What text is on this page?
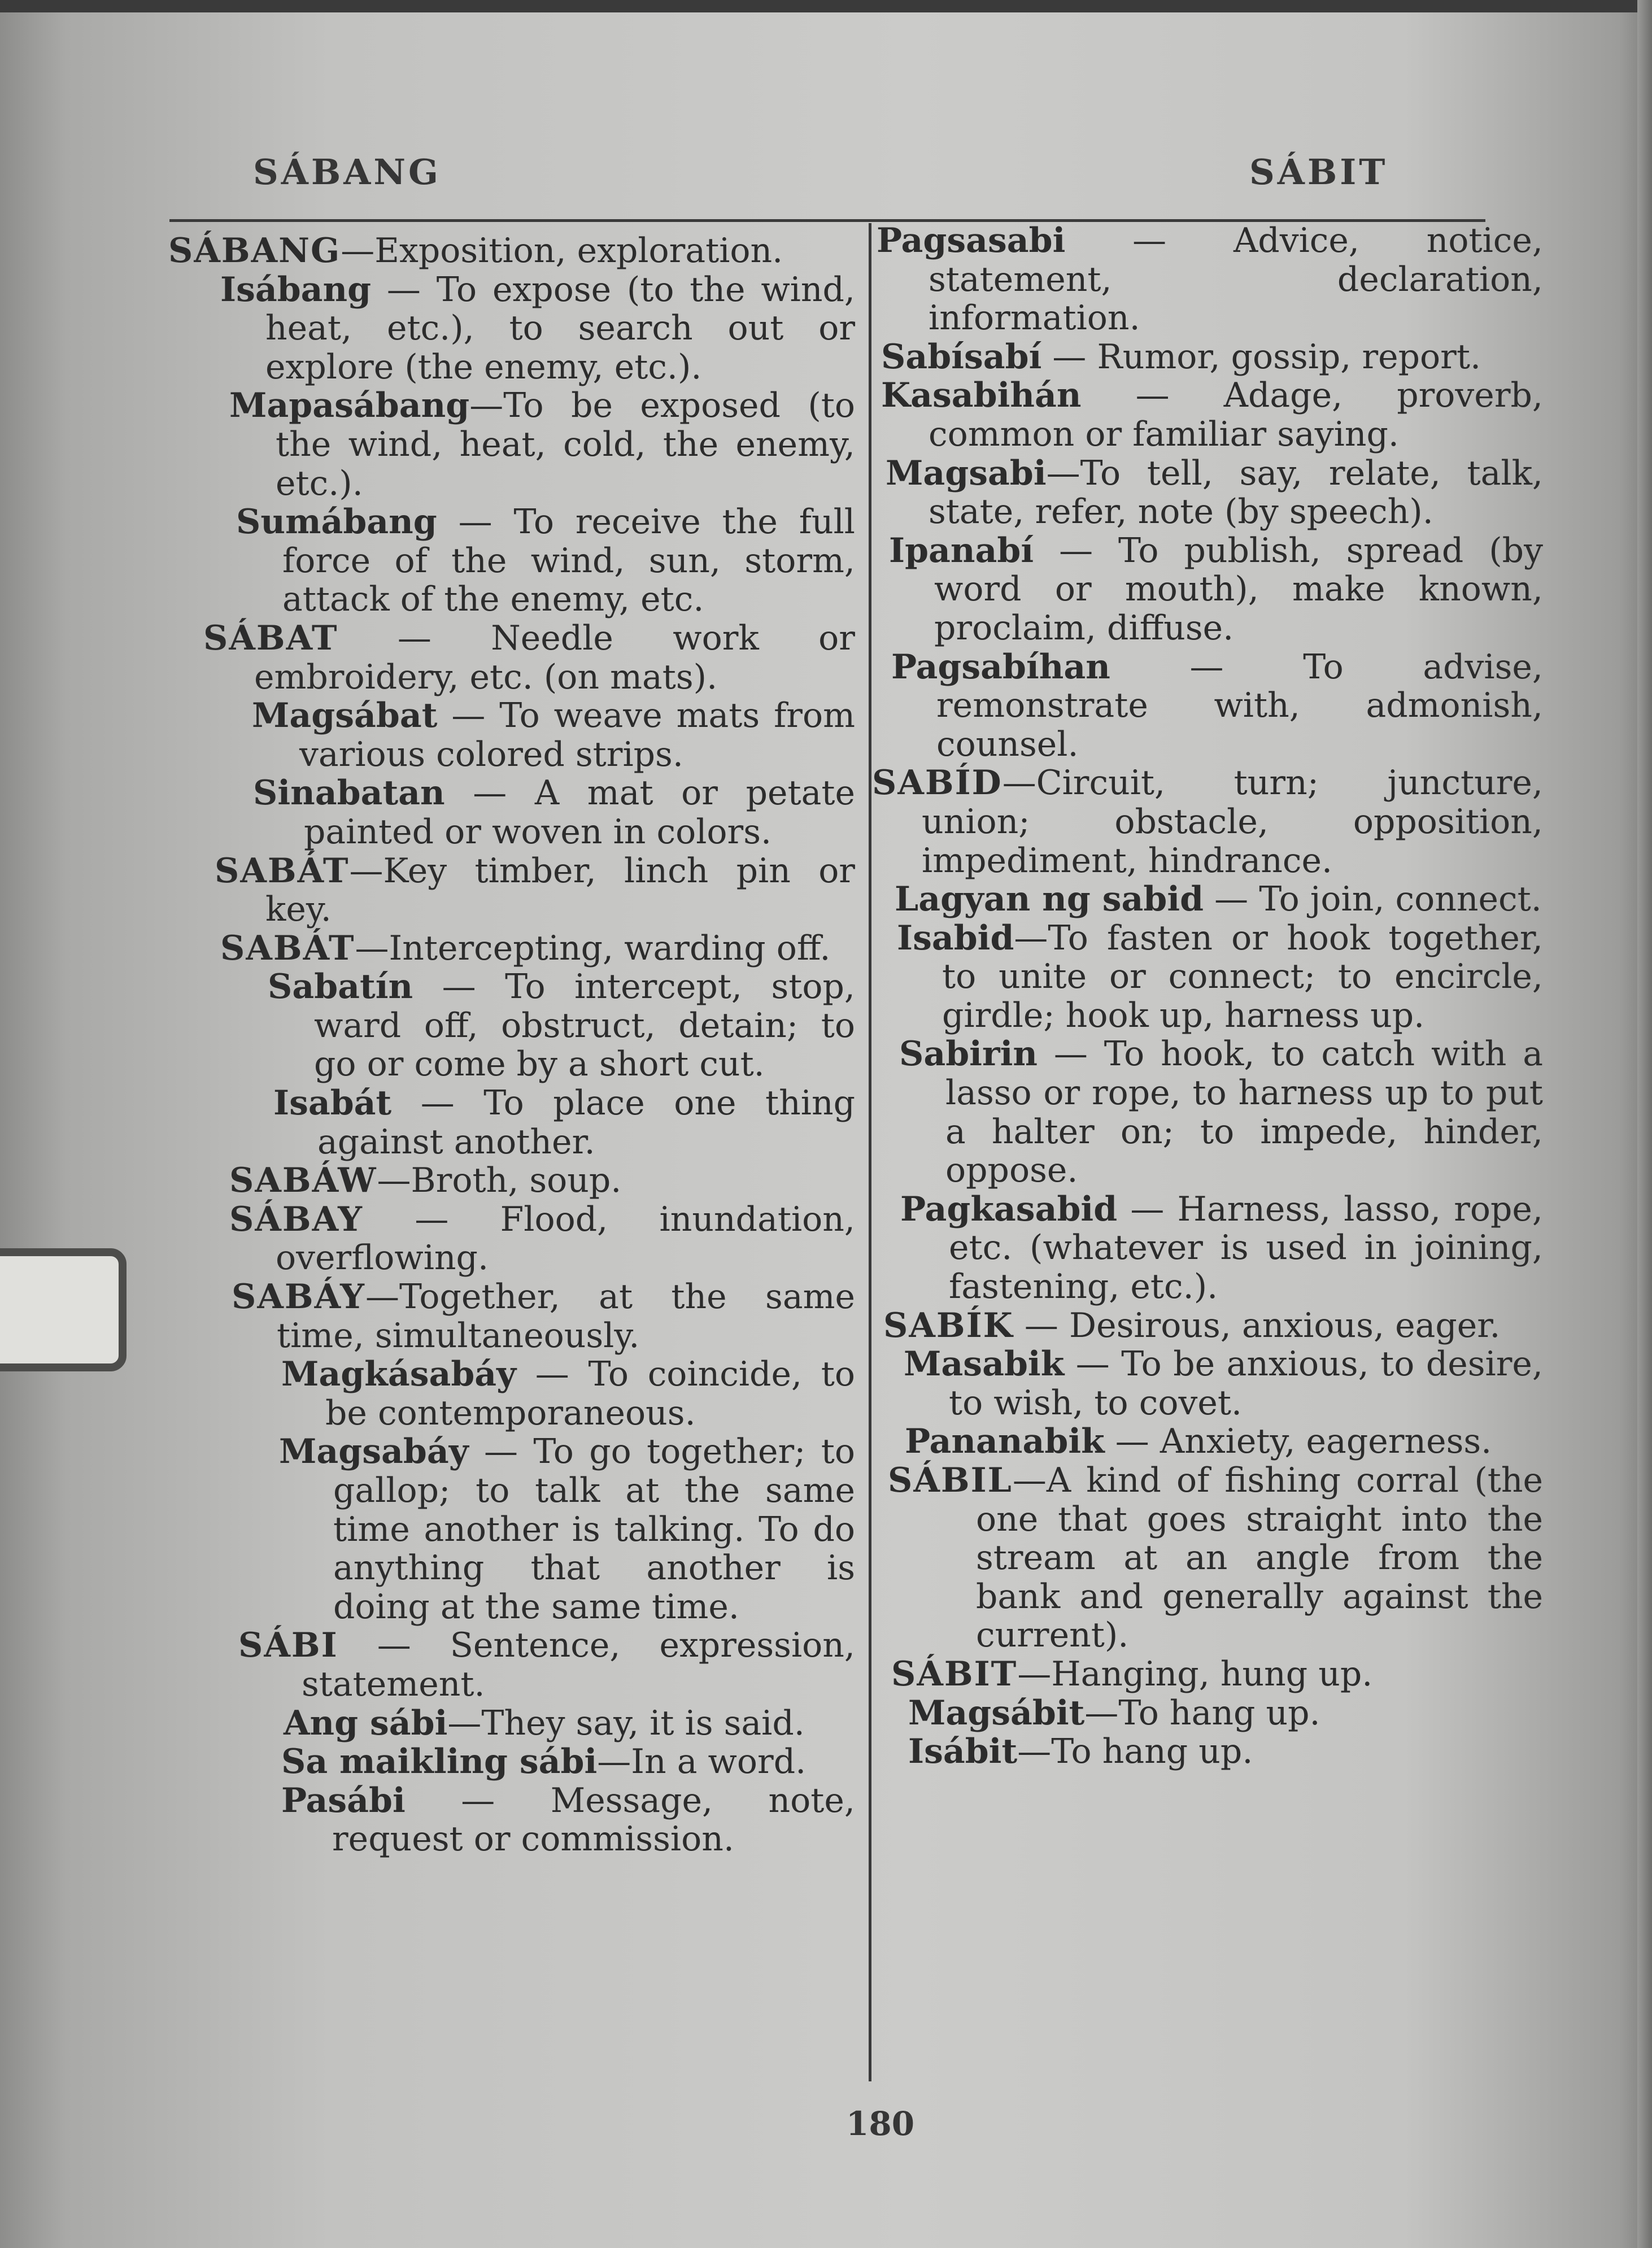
SÁBANG	SÁBIT

SÁBANG—Exposition, exploration.

Isábang — To expose (to the wind, heat, etc.), to search out or explore (the enemy, etc.).

Mapasábang—To be exposed (to the wind, heat, cold, the enemy, etc.).

Sumábang — To receive the full force of the wind, sun, storm, attack of the enemy, etc.

SÁBAT — Needle work or embroidery, etc. (on mats).

Magsábat — To weave mats from various colored strips.

Sinabatan — A mat or petate painted or woven in colors.

SABÁT—Key timber, linch pin or key.

SABÁT—Intercepting, warding off.

Sabatín — To intercept, stop, ward off, obstruct, detain; to go or come by a short cut.

Isabát — To place one thing against another.

SABÁW—Broth, soup.

SÁBAY — Flood, inundation, overflowing.

SABÁY—Together, at the same time, simultaneously.

Magkásabáy — To coincide, to be contemporaneous.

Magsabáy — To go together; to gallop; to talk at the same time another is talking. To do anything that another is doing at the same time.

SÁBI — Sentence, expression, statement.

Ang sábi—They say, it is said.

Sa maikling sábi—In a word.

Pasábi — Message, note, request or commission.

Pagsasabi — Advice, notice, statement, declaration, information.

Sabísabí — Rumor, gossip, report.

Kasabihán — Adage, proverb, common or familiar saying.

Magsabi—To tell, say, relate, talk, state, refer, note (by speech).

Ipanabí — To publish, spread (by word or mouth), make known, proclaim, diffuse.

Pagsabíhan — To advise, remonstrate with, admonish, counsel.

SABÍD—Circuit, turn; juncture, union; obstacle, opposition, impediment, hindrance.

Lagyan ng sabid — To join, connect.

Isabid—To fasten or hook together, to unite or connect; to encircle, girdle; hook up, harness up.

Sabirin — To hook, to catch with a lasso or rope, to harness up to put a halter on; to impede, hinder, oppose.

Pagkasabid — Harness, lasso, rope, etc. (whatever is used in joining, fastening, etc.).

SABÍK — Desirous, anxious, eager.

Masabik — To be anxious, to desire, to wish, to covet.

Pananabik — Anxiety, eagerness.

SÁBIL—A kind of fishing corral (the one that goes straight into the stream at an angle from the bank and generally against the current).

SÁBIT—Hanging, hung up.

Magsábit—To hang up.

Isábit—To hang up.

180
